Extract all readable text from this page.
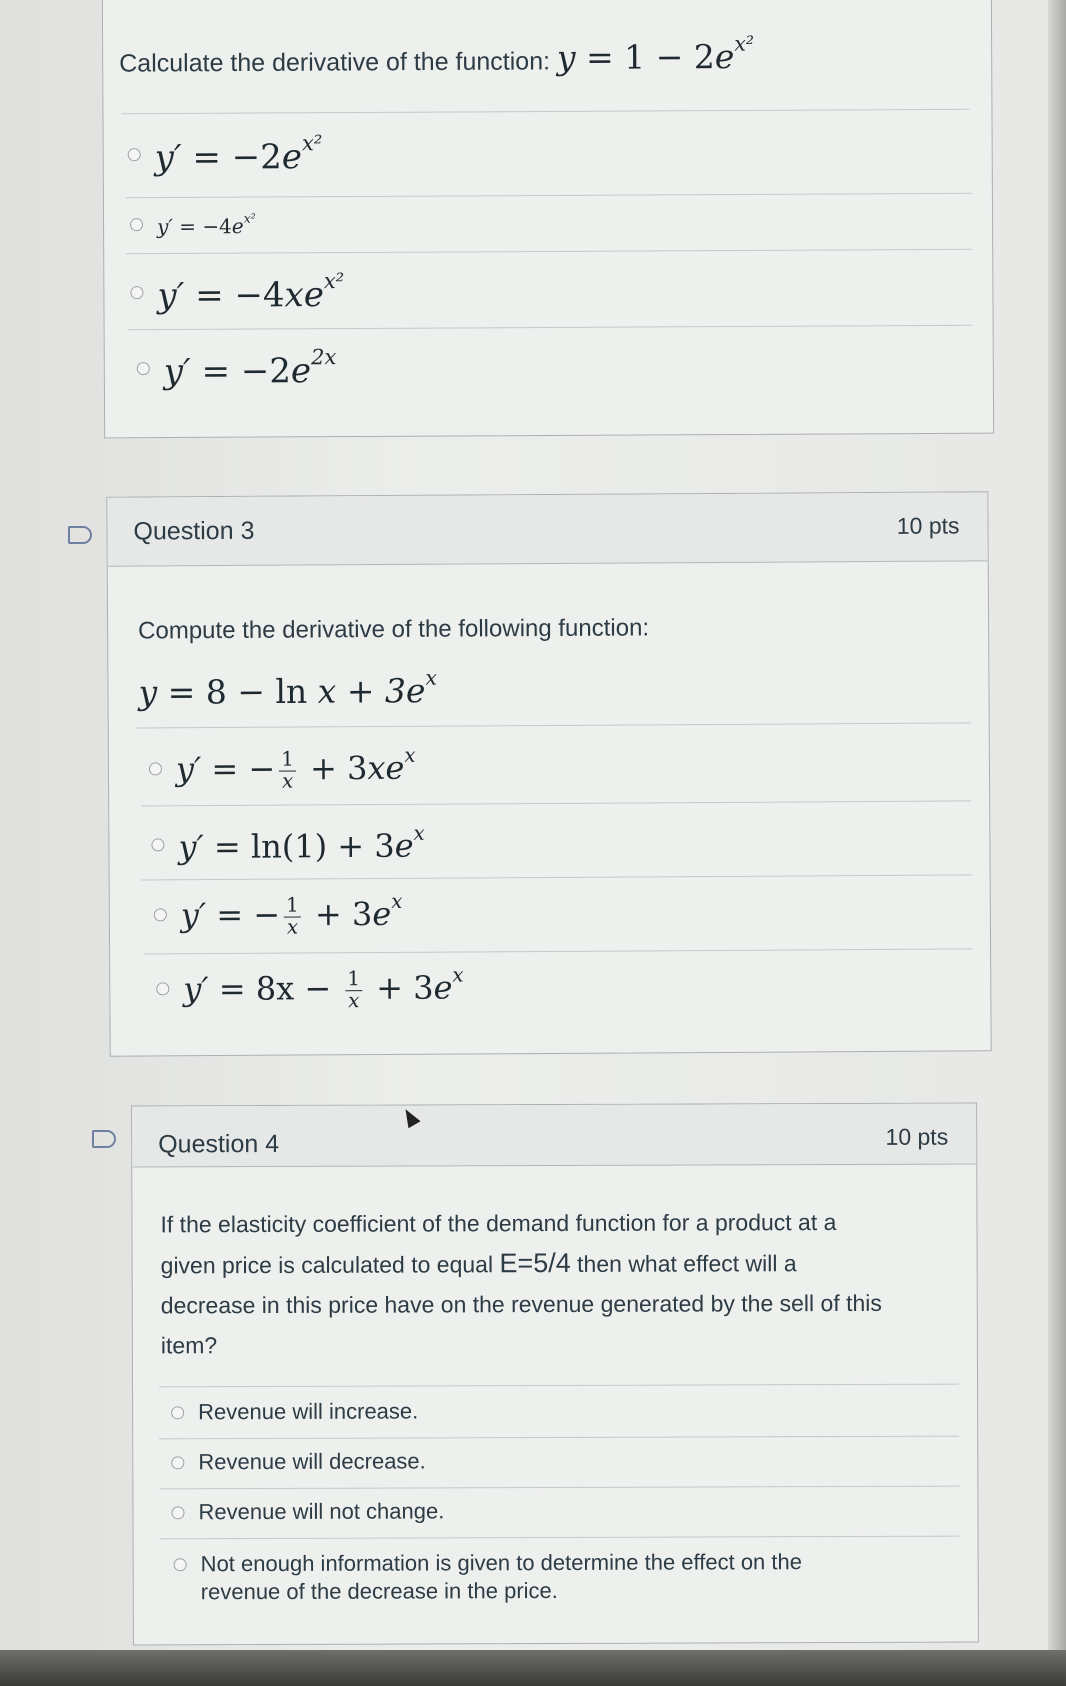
Calculate the derivative of the function: $y = 1 - 2e^{x^2}$
$y' = -2e^{x^2}$
$y' = -4e^{x^2}$
$y' = -4xe^{x^2}$
$y' = -2e^{2x}$
Question 3	10 pts
Compute the derivative of the following function:
$y = 8 - \ln x + 3e^x$
y′ = − $\frac{1}{x} + 3xe^x$
$y' = \ln(1) + 3e^x$
y′ = − $\frac{1}{x} + 3e^x$
$y' = 8x - \frac{1}{x} + 3e^x$
Question 4	10 pts
If the elasticity coefficient of the demand function for a product at a
given price is calculated to equal E=5/4 then what effect will a
decrease in this price have on the revenue generated by the sell of this
item?
Revenue will increase.
Revenue will decrease.
Revenue will not change.
Not enough information is given to determine the effect on the
revenue of the decrease in the price.
